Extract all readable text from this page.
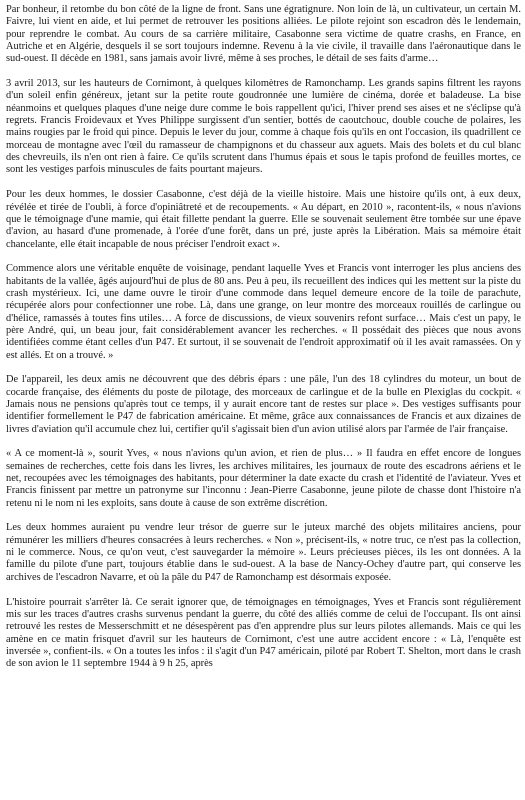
Par bonheur, il retombe du bon côté de la ligne de front. Sans une égratignure. Non loin de là, un cultivateur, un certain M. Faivre, lui vient en aide, et lui permet de retrouver les positions alliées. Le pilote rejoint son escadron dès le lendemain, pour reprendre le combat. Au cours de sa carrière militaire, Casabonne sera victime de quatre crashs, en France, en Autriche et en Algérie, desquels il se sort toujours indemne. Revenu à la vie civile, il travaille dans l'aéronautique dans le sud-ouest. Il décède en 1981, sans jamais avoir livré, même à ses proches, le détail de ses faits d'arme…

3 avril 2013, sur les hauteurs de Cornimont, à quelques kilomètres de Ramonchamp. Les grands sapins filtrent les rayons d'un soleil enfin généreux, jetant sur la petite route goudronnée une lumière de cinéma, dorée et baladeuse. La bise néanmoins et quelques plaques d'une neige dure comme le bois rappellent qu'ici, l'hiver prend ses aises et ne s'éclipse qu'à regrets. Francis Froidevaux et Yves Philippe surgissent d'un sentier, bottés de caoutchouc, double couche de polaires, les mains rougies par le froid qui pince. Depuis le lever du jour, comme à chaque fois qu'ils en ont l'occasion, ils quadrillent ce morceau de montagne avec l'œil du ramasseur de champignons et du chasseur aux aguets. Mais des bolets et du cul blanc des chevreuils, ils n'en ont rien à faire. Ce qu'ils scrutent dans l'humus épais et sous le tapis profond de feuilles mortes, ce sont les vestiges parfois minuscules de faits pourtant majeurs.

Pour les deux hommes, le dossier Casabonne, c'est déjà de la vieille histoire. Mais une histoire qu'ils ont, à eux deux, révélée et tirée de l'oubli, à force d'opiniâtreté et de recoupements. « Au départ, en 2010 », racontent-ils, « nous n'avions que le témoignage d'une mamie, qui était fillette pendant la guerre. Elle se souvenait seulement être tombée sur une épave d'avion, au hasard d'une promenade, à l'orée d'une forêt, dans un pré, juste après la Libération. Mais sa mémoire était chancelante, elle était incapable de nous préciser l'endroit exact ».

Commence alors une véritable enquête de voisinage, pendant laquelle Yves et Francis vont interroger les plus anciens des habitants de la vallée, âgés aujourd'hui de plus de 80 ans. Peu à peu, ils recueillent des indices qui les mettent sur la piste du crash mystérieux. Ici, une dame ouvre le tiroir d'une commode dans lequel demeure encore de la toile de parachute, récupérée alors pour confectionner une robe. Là, dans une grange, on leur montre des morceaux rouillés de carlingue ou d'hélice, ramassés à toutes fins utiles… A force de discussions, de vieux souvenirs refont surface… Mais c'est un papy, le père André, qui, un beau jour, fait considérablement avancer les recherches. « Il possédait des pièces que nous avons identifiées comme étant celles d'un P47. Et surtout, il se souvenait de l'endroit approximatif où il les avait ramassées. On y est allés. Et on a trouvé. »

De l'appareil, les deux amis ne découvrent que des débris épars : une pâle, l'un des 18 cylindres du moteur, un bout de cocarde française, des éléments du poste de pilotage, des morceaux de carlingue et de la bulle en Plexiglas du cockpit. « Jamais nous ne pensions qu'après tout ce temps, il y aurait encore tant de restes sur place ». Des vestiges suffisants pour identifier formellement le P47 de fabrication américaine. Et même, grâce aux connaissances de Francis et aux dizaines de livres d'aviation qu'il accumule chez lui, certifier qu'il s'agissait bien d'un avion utilisé alors par l'armée de l'air française.

« A ce moment-là », sourit Yves, « nous n'avions qu'un avion, et rien de plus… » Il faudra en effet encore de longues semaines de recherches, cette fois dans les livres, les archives militaires, les journaux de route des escadrons aériens et le net, recoupées avec les témoignages des habitants, pour déterminer la date exacte du crash et l'identité de l'aviateur. Yves et Francis finissent par mettre un patronyme sur l'inconnu : Jean-Pierre Casabonne, jeune pilote de chasse dont l'histoire n'a retenu ni le nom ni les exploits, sans doute à cause de son extrême discrétion.

Les deux hommes auraient pu vendre leur trésor de guerre sur le juteux marché des objets militaires anciens, pour rémunérer les milliers d'heures consacrées à leurs recherches. « Non », précisent-ils, « notre truc, ce n'est pas la collection, ni le commerce. Nous, ce qu'on veut, c'est sauvegarder la mémoire ». Leurs précieuses pièces, ils les ont données. A la famille du pilote d'une part, toujours établie dans le sud-ouest. A la base de Nancy-Ochey d'autre part, qui conserve les archives de l'escadron Navarre, et où la pâle du P47 de Ramonchamp est désormais exposée.

L'histoire pourrait s'arrêter là. Ce serait ignorer que, de témoignages en témoignages, Yves et Francis sont régulièrement mis sur les traces d'autres crashs survenus pendant la guerre, du côté des alliés comme de celui de l'occupant. Ils ont ainsi retrouvé les restes de Messerschmitt et ne désespèrent pas d'en apprendre plus sur leurs pilotes allemands. Mais ce qui les amène en ce matin frisquet d'avril sur les hauteurs de Cornimont, c'est une autre accident encore : « Là, l'enquête est inversée », confient-ils. « On a toutes les infos : il s'agit d'un P47 américain, piloté par Robert T. Shelton, mort dans le crash de son avion le 11 septembre 1944 à 9 h 25, après
